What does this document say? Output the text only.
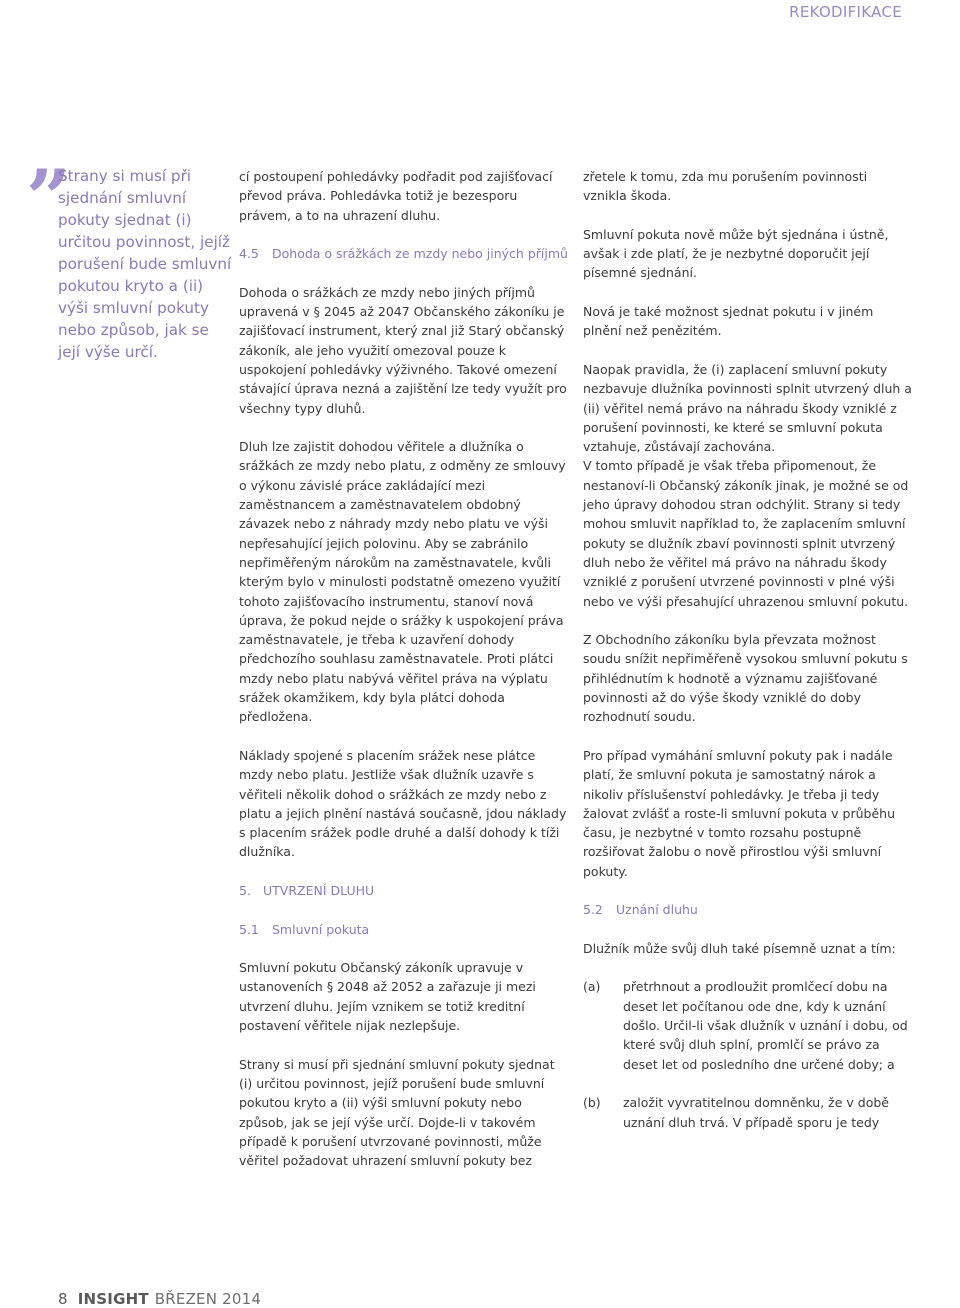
REKODIFIKACE
”

Strany si musí při sjednání smluvní pokuty sjednat (i) určitou povinnost, jejíž porušení bude smluvní pokutou kryto a (ii) výši smluvní pokuty nebo způsob, jak se její výše určí.

cí postoupení pohledávky podřadit pod zajišťovací převod práva. Pohledávka totiž je bezesporu právem, a to na uhrazení dluhu.

4.5	Dohoda o srážkách ze mzdy nebo jiných příjmů

Dohoda o srážkách ze mzdy nebo jiných příjmů upravená v § 2045 až 2047 Občanského zákoníku je zajišťovací instrument, který znal již Starý občanský zákoník, ale jeho využití omezoval pouze k uspokojení pohledávky výživného. Takové omezení stávající úprava nezná a zajištění lze tedy využít pro všechny typy dluhů.

Dluh lze zajistit dohodou věřitele a dlužníka o srážkách ze mzdy nebo platu, z odměny ze smlouvy o výkonu závislé práce zakládající mezi zaměstnancem a zaměstnavatelem obdobný závazek nebo z náhrady mzdy nebo platu ve výši nepřesahující jejich polovinu. Aby se zabránilo nepřiměřeným nárokům na zaměstnavatele, kvůli kterým bylo v minulosti podstatně omezeno využití tohoto zajišťovacího instrumentu, stanoví nová úprava, že pokud nejde o srážky k uspokojení práva zaměstnavatele, je třeba k uzavření dohody předchozího souhlasu zaměstnavatele. Proti plátci mzdy nebo platu nabývá věřitel práva na výplatu srážek okamžikem, kdy byla plátci dohoda předložena.

Náklady spojené s placením srážek nese plátce mzdy nebo platu. Jestliže však dlužník uzavře s věřiteli několik dohod o srážkách ze mzdy nebo z platu a jejich plnění nastává současně, jdou náklady s placením srážek podle druhé a další dohody k tíži dlužníka.

5. UTVRZENÍ DLUHU
5.1 Smluvní pokuta

Smluvní pokutu Občanský zákoník upravuje v ustanoveních § 2048 až 2052 a zařazuje ji mezi utvrzení dluhu. Jejím vznikem se totiž kreditní postavení věřitele nijak nezlepšuje.

Strany si musí při sjednání smluvní pokuty sjednat (i) určitou povinnost, jejíž porušení bude smluvní pokutou kryto a (ii) výši smluvní pokuty nebo způsob, jak se její výše určí. Dojde-li v takovém případě k porušení utvrzované povinnosti, může věřitel požadovat uhrazení smluvní pokuty bez

zřetele k tomu, zda mu porušením povinnosti vznikla škoda.

Smluvní pokuta nově může být sjednána i ústně, avšak i zde platí, že je nezbytné doporučit její písemné sjednání.

Nová je také možnost sjednat pokutu i v jiném plnění než penězitém.

Naopak pravidla, že (i) zaplacení smluvní pokuty nezbavuje dlužníka povinnosti splnit utvrzený dluh a (ii) věřitel nemá právo na náhradu škody vzniklé z porušení povinnosti, ke které se smluvní pokuta vztahuje, zůstávají zachována.

V tomto případě je však třeba připomenout, že nestanoví-li Občanský zákoník jinak, je možné se od jeho úpravy dohodou stran odchýlit. Strany si tedy mohou smluvit například to, že zaplacením smluvní pokuty se dlužník zbaví povinnosti splnit utvrzený dluh nebo že věřitel má právo na náhradu škody vzniklé z porušení utvrzené povinnosti v plné výši nebo ve výši přesahující uhrazenou smluvní pokutu.

Z Obchodního zákoníku byla převzata možnost soudu snížit nepřiměřeně vysokou smluvní pokutu s přihlédnutím k hodnotě a významu zajišťované povinnosti až do výše škody vzniklé do doby rozhodnutí soudu.

Pro případ vymáhání smluvní pokuty pak i nadále platí, že smluvní pokuta je samostatný nárok a nikoliv příslušenství pohledávky. Je třeba ji tedy žalovat zvlášť a roste-li smluvní pokuta v průběhu času, je nezbytné v tomto rozsahu postupně rozšiřovat žalobu o nově přirostlou výši smluvní pokuty.

5.2 Uznání dluhu

Dlužník může svůj dluh také písemně uznat a tím:

(a)	přetrhnout a prodloužit promlčecí dobu na deset let počítanou ode dne, kdy k uznání došlo. Určil-li však dlužník v uznání i dobu, od které svůj dluh splní, promlčí se právo za deset let od posledního dne určené doby; a
(b)	založit vyvratitelnou domněnku, že v době uznání dluh trvá. V případě sporu je tedy
8 INSIGHT BŘEZEN 2014
